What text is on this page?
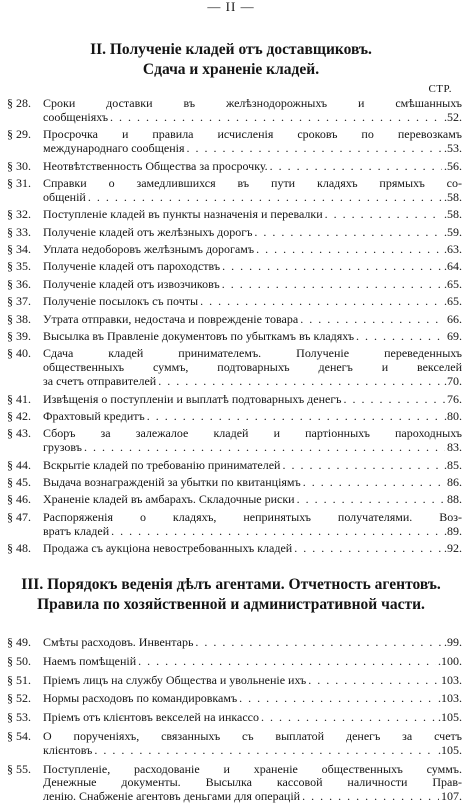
— II —
II. Полученіе кладей отъ доставщиковъ.
Сдача и храненіе кладей.
СТР.
§ 28. Сроки доставки въ желѣзнодорожныхъ и смѣшанныхъ
сообщеніяхъ . . .	.52.
§ 29. Просрочка и правила исчисленія сроковъ по перевозкамъ
международнаго сообщенія . . .	.53.
§ 30. Неотвѣтственность Общества за просрочку. . . .	.56.
§ 31. Справки о замедлившихся въ пути кладяхъ прямыхъ со-
общеній . . .	.58.
§ 32. Поступленіе кладей въ пункты назначенія и перевалки . . .	.58.
§ 33. Полученіе кладей отъ желѣзныхъ дорогъ . . .	.59.
§ 34. Уплата недоборовъ желѣзнымъ дорогамъ . . .	.63.
§ 35. Полученіе кладей отъ пароходствъ . . .	.64.
§ 36. Полученіе кладей отъ извозчиковъ . . .	.65.
§ 37. Полученіе посылокъ съ почты . . .	.65.
§ 38. Утрата отправки, недостача и поврежденіе товара . . .	66.
§ 39. Высылка въ Правленіе документовъ по убыткамъ въ кладяхъ . . .	69.
§ 40. Сдача кладей принимателемъ. Полученіе переведенныхъ
общественныхъ суммъ, подтоварныхъ денегъ и векселей
за счетъ отправителей . . .	.70.
§ 41. Извѣщенія о поступленіи и выплатѣ подтоварныхъ денегъ . . .	76.
§ 42. Фрахтовый кредитъ . . .	.80.
§ 43. Сборъ за залежалое кладей и партіонныхъ пароходныхъ
грузовъ . . .	83.
§ 44. Вскрытіе кладей по требованію принимателей . . .	.85.
§ 45. Выдача вознагражденій за убытки по квитанціямъ . . .	86.
§ 46. Храненіе кладей въ амбарахъ. Складочные риски . . .	88.
§ 47. Распоряженія о кладяхъ, непринятыхъ получателями. Воз-
вратъ кладей . . .	.89.
§ 48. Продажа съ аукціона невостребованныхъ кладей . . .	.92.
III. Порядокъ веденія дѣлъ агентами. Отчетность агентовъ.
Правила по хозяйственной и административной части.
§ 49. Смѣты расходовъ. Инвентарь . . .	.99.
§ 50. Наемъ помѣщеній . . .	.100.
§ 51. Пріемъ лицъ на службу Общества и увольненіе ихъ . . .	103.
§ 52. Нормы расходовъ по командировкамъ . . .	.103.
§ 53. Пріемъ отъ клієнтовъ векселей на инкассо . . .	.105.
§ 54. О порученіяхъ, связанныхъ съ выплатой денегъ за счетъ
клієнтовъ . . .	.105.
§ 55. Поступленіе, расходованіе и храненіе общественныхъ суммъ.
Денежные документы. Высылка кассовой наличности Прав-
ленію. Снабженіе агентовъ деньгами для операцій . . .	107.
